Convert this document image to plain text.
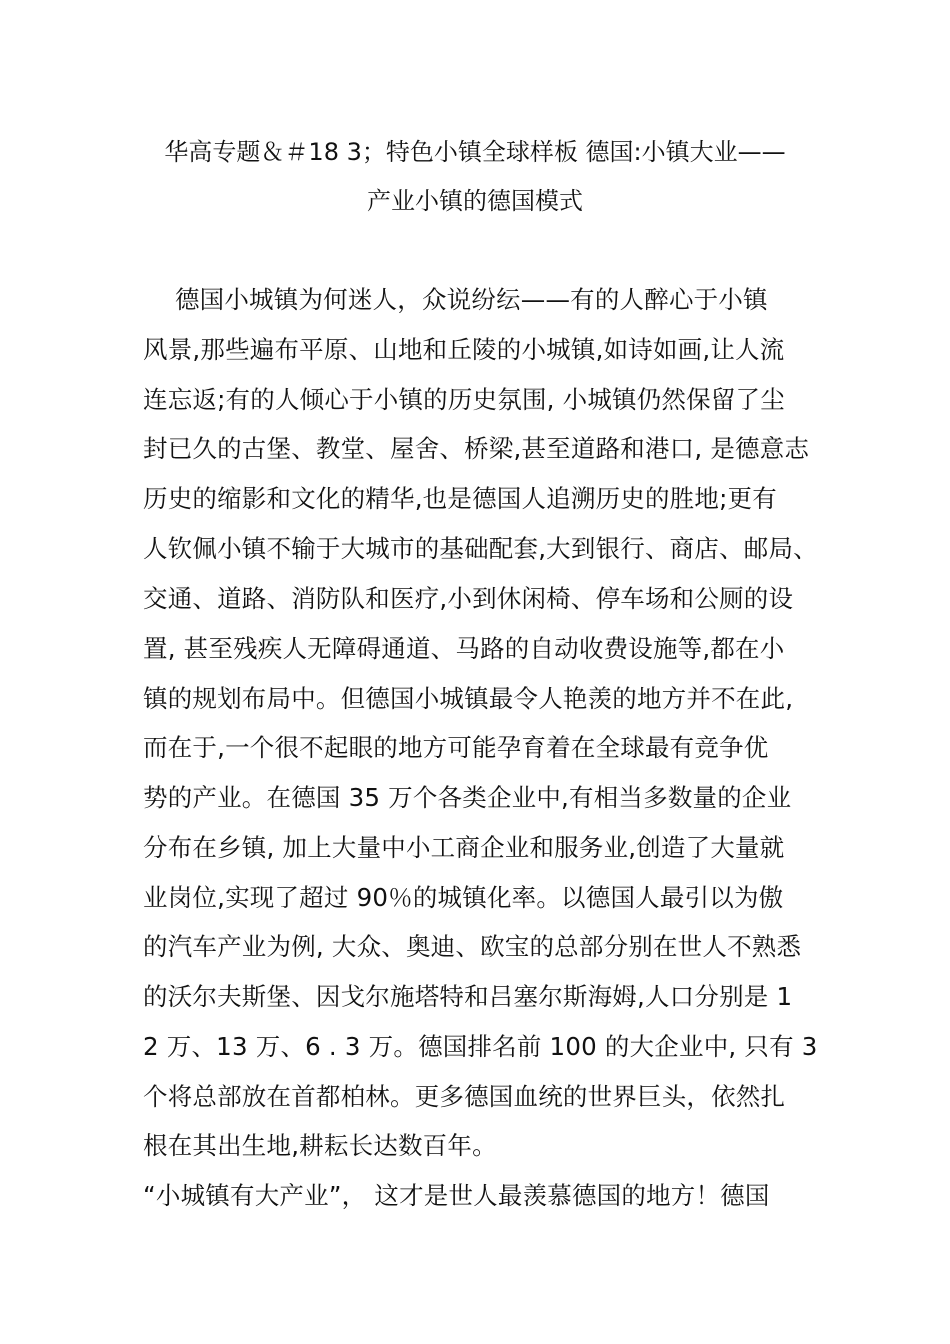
华高专题＆＃18 3；特色小镇全球样板 德国:小镇大业——
产业小镇的德国模式
德国小城镇为何迷人，众说纷纭——有的人醉心于小镇
风景,那些遍布平原、山地和丘陵的小城镇,如诗如画,让人流
连忘返;有的人倾心于小镇的历史氛围, 小城镇仍然保留了尘
封已久的古堡、教堂、屋舍、桥梁,甚至道路和港口, 是德意志
历史的缩影和文化的精华,也是德国人追溯历史的胜地;更有
人钦佩小镇不输于大城市的基础配套,大到银行、商店、邮局、
交通、道路、消防队和医疗,小到休闲椅、停车场和公厕的设
置, 甚至残疾人无障碍通道、马路的自动收费设施等,都在小
镇的规划布局中。但德国小城镇最令人艳羡的地方并不在此,
而在于,一个很不起眼的地方可能孕育着在全球最有竞争优
势的产业。在德国 35 万个各类企业中,有相当多数量的企业
分布在乡镇, 加上大量中小工商企业和服务业,创造了大量就
业岗位,实现了超过 90％的城镇化率。以德国人最引以为傲
的汽车产业为例, 大众、奥迪、欧宝的总部分别在世人不熟悉
的沃尔夫斯堡、因戈尔施塔特和吕塞尔斯海姆,人口分别是 1
2 万、13 万、6 . 3 万。德国排名前 100 的大企业中, 只有 3
个将总部放在首都柏林。更多德国血统的世界巨头，依然扎
根在其出生地,耕耘长达数百年。
“小城镇有大产业”， 这才是世人最羡慕德国的地方！德国
